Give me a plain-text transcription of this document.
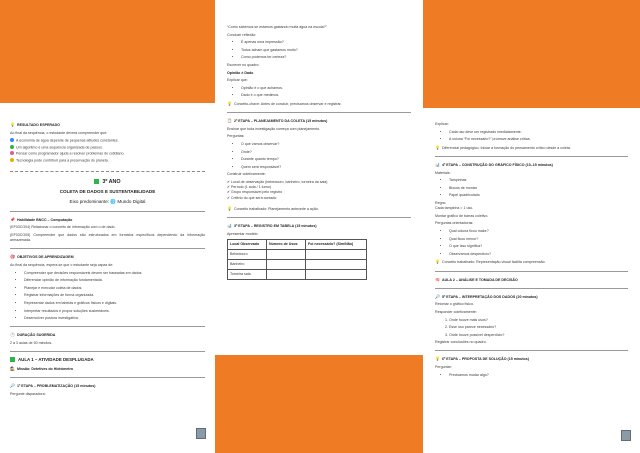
💡 RESULTADO ESPERADO

Ao final da sequência, o estudante deverá compreender que:

A economia de água depende de pequenas atitudes constantes.

Um algoritmo é uma sequência organizada de passos.

Pensar como programador ajuda a resolver problemas do cotidiano.

Tecnologia pode contribuir para a preservação do planeta.

3º ANO
COLETA DE DADOS E SUSTENTABILIDADE
Eixo predominante: 🌐 Mundo Digital
📌 Habilidade BNCC – Computação

(EF03CO04) Relacionar o conceito de informação com o de dado.

(EF03CO05) Compreender que dados são estruturados em formatos específicos dependendo da informação armazenada.

🎯 OBJETIVOS DE APRENDIZAGEM

Ao final da sequência, espera-se que o estudante seja capaz de:

• Compreender que decisões responsáveis devem ser baseadas em dados.
• Diferenciar opinião de informação fundamentada.
• Planejar e executar coleta de dados.
• Registrar informações de forma organizada.
• Representar dados em tabelas e gráficos físicos e digitais.
• Interpretar resultados e propor soluções sustentáveis.
• Desenvolver postura investigativa.
🕒 DURAÇÃO SUGERIDA

2 a 3 aulas de 50 minutos.

AULA 1 – ATIVIDADE DESPLUGADA

🕵 Missão: Detetives do Hidrômetro

🔎 1ª ETAPA – PROBLEMATIZAÇÃO (15 minutos)

Pergunte disparadora:

“Como sabemos se estamos gastando muita água na escola?”

Conduzir reflexão:

• É apenas uma impressão?
• Todos acham que gastamos muito?
• Como podemos ter certeza?

Escrever no quadro:

Opinião ≠ Dado

Explicar que:

• Opinião é o que achamos.
• Dado é o que medimos.

💡 Conceito-chave: Antes de concluir, precisamos observar e registrar.

📋 2ª ETAPA – PLANEJAMENTO DA COLETA (15 minutos)

Ensinar que toda investigação começa com planejamento.

Perguntas:

• O que vamos observar?
• Onde?
• Durante quanto tempo?
• Quem será responsável?

Construir coletivamente:

✔ Local de observação (bebedouro, banheiro, torneira da sala)

✔ Período (1 aula / 1 turno)

✔ Grupo responsável pelo registro

✔ Critério do que será contado

💡 Conceito trabalhado: Planejamento antecede a ação.

📊 3ª ETAPA – REGISTRO EM TABELA (15 minutos)

Apresentar modelo:

Local Observado	Número de Usos	Foi necessário? (Sim/Não)
Bebedouro		
Banheiro		
Torneira sala		

Explicar:

• Cada uso deve ser registrado imediatamente.
• A coluna “Foi necessário?” promove análise crítica.

💡 Diferencial pedagógico: Iniciar a formação do pensamento crítico desde a coleta.

📊 4ª ETAPA – CONSTRUÇÃO DO GRÁFICO FÍSICO (10–15 minutos)

Materiais:

• Tampinhas
• Blocos de montar
• Papel quadriculado

Regra:

Cada tampinha = 1 uso.

Montar gráfico de barras coletivo.

Perguntas orientadoras:

• Qual coluna ficou maior?
• Qual ficou menor?
• O que isso significa?
• Observamos desperdício?

💡 Conceito trabalhado: Representação visual facilita compreensão.

🧠 AULA 2 – ANÁLISE E TOMADA DE DECISÃO
🔎 5ª ETAPA – INTERPRETAÇÃO DOS DADOS (20 minutos)

Retomar o gráfico físico.

Responder coletivamente:

1. Onde houve mais usos?
2. Esse uso parece necessário?
3. Onde houve possível desperdício?

Registrar conclusões no quadro.

💡 6ª ETAPA – PROPOSTA DE SOLUÇÃO (15 minutos)

Perguntar:

• Precisamos mudar algo?
